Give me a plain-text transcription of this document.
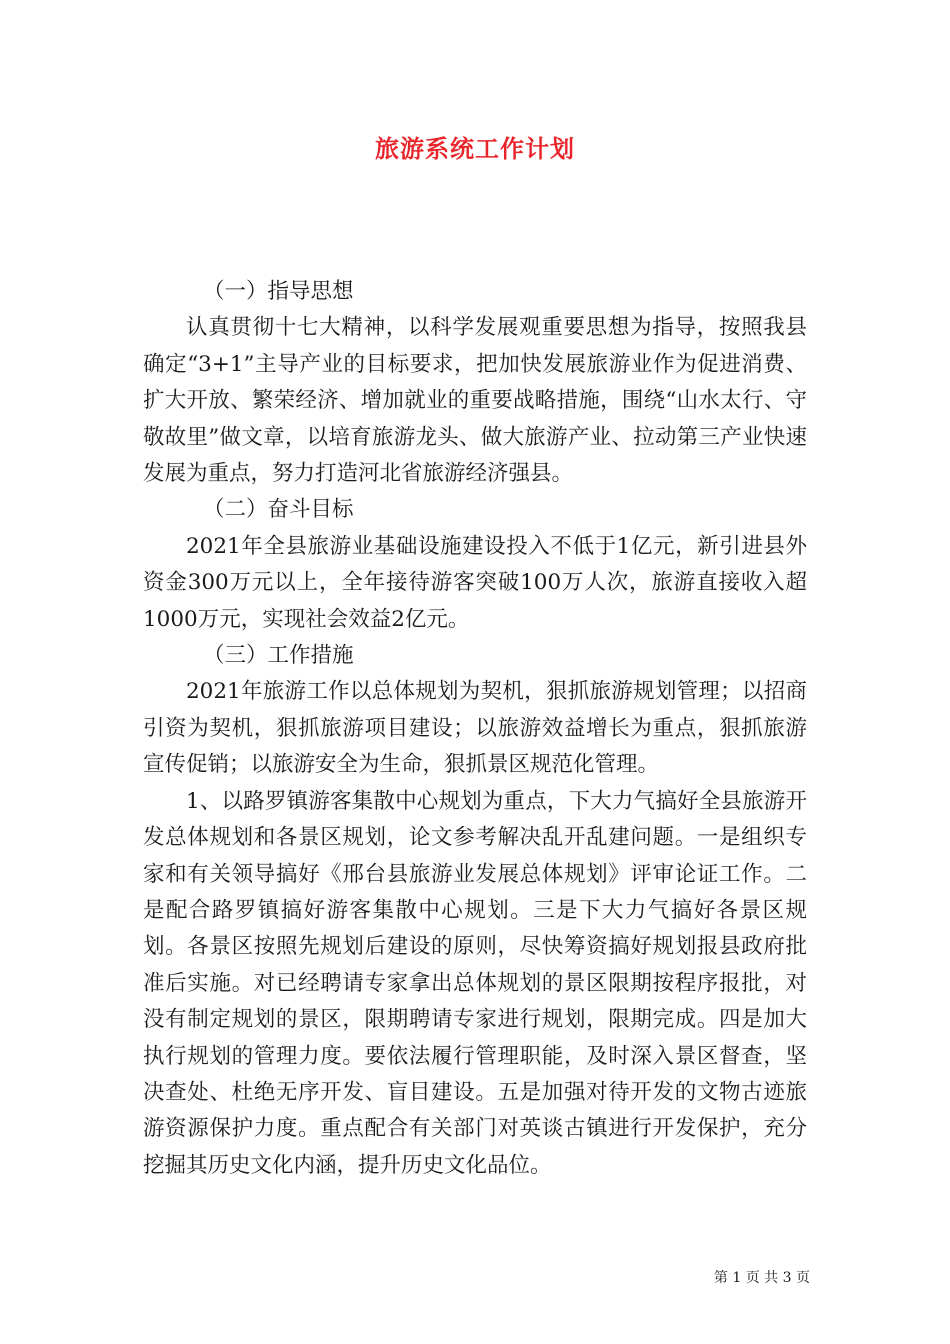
旅游系统工作计划

（一）指导思想

认真贯彻十七大精神，以科学发展观重要思想为指导，按照我县确定“3+1”主导产业的目标要求，把加快发展旅游业作为促进消费、扩大开放、繁荣经济、增加就业的重要战略措施，围绕“山水太行、守敬故里”做文章，以培育旅游龙头、做大旅游产业、拉动第三产业快速发展为重点，努力打造河北省旅游经济强县。

（二）奋斗目标

2021年全县旅游业基础设施建设投入不低于1亿元，新引进县外资金300万元以上，全年接待游客突破100万人次，旅游直接收入超1000万元，实现社会效益2亿元。

（三）工作措施

2021年旅游工作以总体规划为契机，狠抓旅游规划管理；以招商引资为契机，狠抓旅游项目建设；以旅游效益增长为重点，狠抓旅游宣传促销；以旅游安全为生命，狠抓景区规范化管理。

1、以路罗镇游客集散中心规划为重点，下大力气搞好全县旅游开发总体规划和各景区规划，论文参考解决乱开乱建问题。一是组织专家和有关领导搞好《邢台县旅游业发展总体规划》评审论证工作。二是配合路罗镇搞好游客集散中心规划。三是下大力气搞好各景区规划。各景区按照先规划后建设的原则，尽快筹资搞好规划报县政府批准后实施。对已经聘请专家拿出总体规划的景区限期按程序报批，对没有制定规划的景区，限期聘请专家进行规划，限期完成。四是加大执行规划的管理力度。要依法履行管理职能，及时深入景区督查，坚决查处、杜绝无序开发、盲目建设。五是加强对待开发的文物古迹旅游资源保护力度。重点配合有关部门对英谈古镇进行开发保护，充分挖掘其历史文化内涵，提升历史文化品位。

第 1 页 共 3 页
